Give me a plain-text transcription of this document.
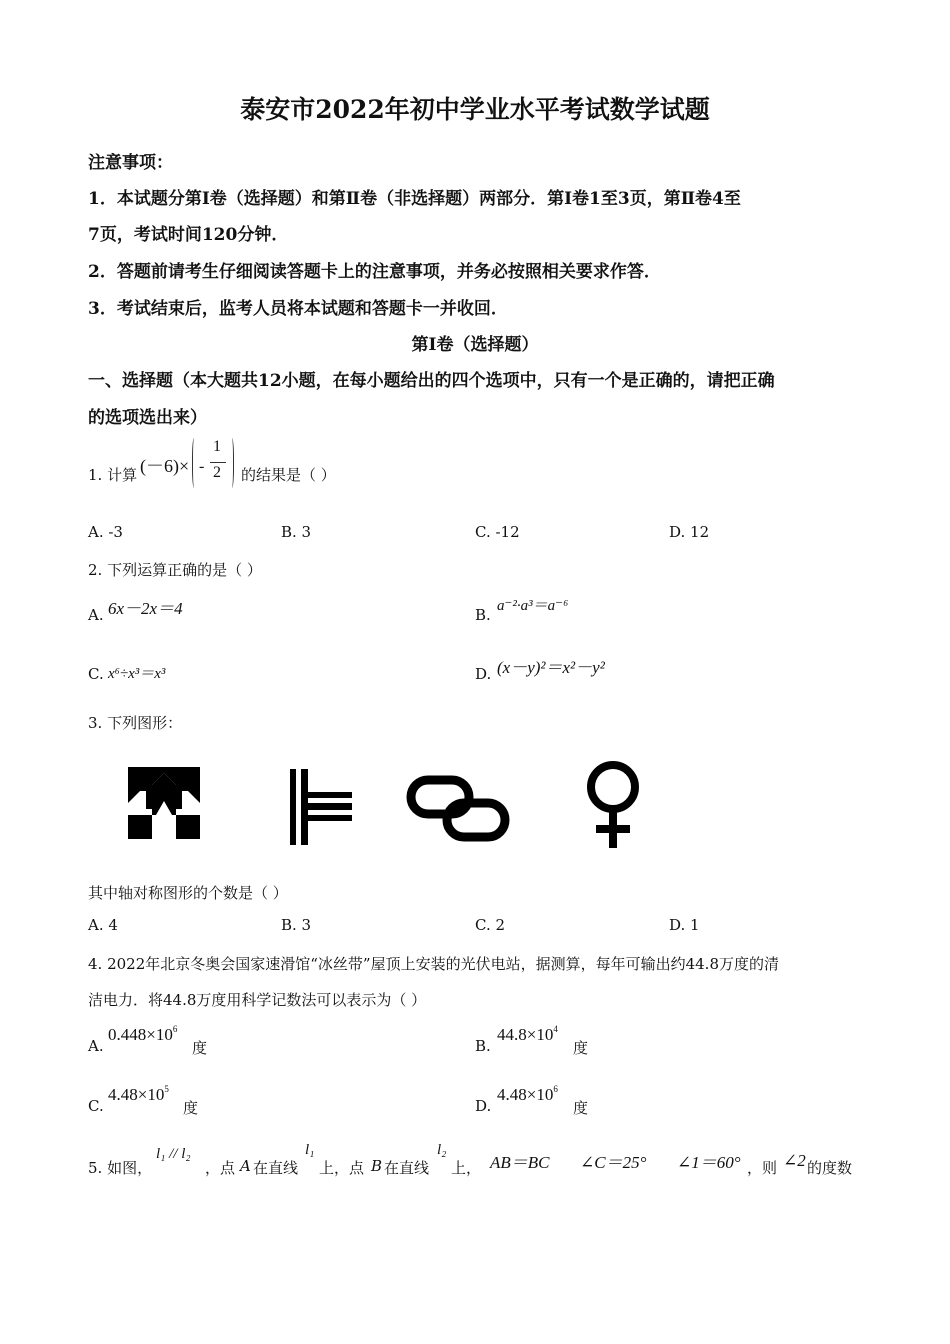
泰安市2022年初中学业水平考试数学试题
注意事项：
1．本试题分第Ⅰ卷（选择题）和第Ⅱ卷（非选择题）两部分．第Ⅰ卷1至3页，第Ⅱ卷4至
7页，考试时间120分钟．
2．答题前请考生仔细阅读答题卡上的注意事项，并务必按照相关要求作答．
3．考试结束后，监考人员将本试题和答题卡一并收回．
第Ⅰ卷（选择题）
一、选择题（本大题共12小题，在每小题给出的四个选项中，只有一个是正确的，请把正确
的选项选出来）
1. 计算 (－6)× -
1
2 的结果是（ ）
A. -3	B. 3	C. -12	D. 12
2. 下列运算正确的是（ ）
A. 6x－2x＝4	B. a⁻²·a³＝a⁻⁶
C. x⁶÷x³＝x³	D. (x－y)²＝x²－y²
3. 下列图形：
其中轴对称图形的个数是（ ）
A. 4	B. 3	C. 2	D. 1
4. 2022年北京冬奥会国家速滑馆“冰丝带”屋顶上安装的光伏电站，据测算，每年可输出约44.8万度的清
洁电力．将44.8万度用科学记数法可以表示为（ ）
A.
$0.448\times 10^6$
度	B.
$44.8\times 10^4$
度
C.
$4.48\times 10^5$
度	D.
$4.48\times 10^6$
度
5. 如图，
l₁ // l₂
，点 A 在直线
l₁
上，点 B 在直线
l₂
上， AB＝BC ∠C＝25° ∠1＝60° ，则 ∠2 的度数
